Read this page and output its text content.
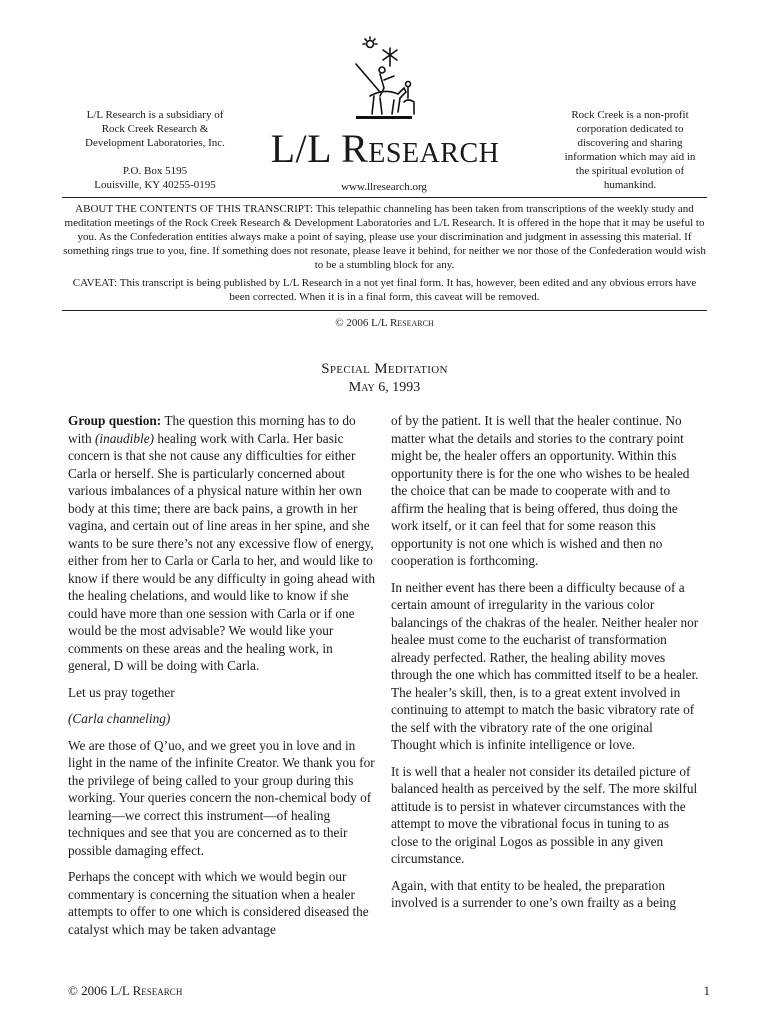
L/L Research is a subsidiary of

Rock Creek Research &

Development Laboratories, Inc.

P.O. Box 5195

Louisville, KY 40255-0195

L/L Research
www.llresearch.org
Rock Creek is a non-profit
corporation dedicated to
discovering and sharing
information which may aid in
the spiritual evolution of
humankind.

ABOUT THE CONTENTS OF THIS TRANSCRIPT: This telepathic channeling has been taken from transcriptions of the weekly study and meditation meetings of the Rock Creek Research & Development Laboratories and L/L Research. It is offered in the hope that it may be useful to you. As the Confederation entities always make a point of saying, please use your discrimination and judgment in assessing this material. If something rings true to you, fine. If something does not resonate, please leave it behind, for neither we nor those of the Confederation would wish to be a stumbling block for any.

CAVEAT: This transcript is being published by L/L Research in a not yet final form. It has, however, been edited and any obvious errors have been corrected. When it is in a final form, this caveat will be removed.

© 2006 L/L Research
Special Meditation
May 6, 1993

Group question: The question this morning has to do with (inaudible) healing work with Carla. Her basic concern is that she not cause any difficulties for either Carla or herself. She is particularly concerned about various imbalances of a physical nature within her own body at this time; there are back pains, a growth in her vagina, and certain out of line areas in her spine, and she wants to be sure there’s not any excessive flow of energy, either from her to Carla or Carla to her, and would like to know if there would be any difficulty in going ahead with the healing chelations, and would like to know if she could have more than one session with Carla or if one would be the most advisable? We would like your comments on these areas and the healing work, in general, D will be doing with Carla.

Let us pray together

(Carla channeling)

We are those of Q’uo, and we greet you in love and in light in the name of the infinite Creator. We thank you for the privilege of being called to your group during this working. Your queries concern the non-chemical body of learning—we correct this instrument—of healing techniques and see that you are concerned as to their possible damaging effect.

Perhaps the concept with which we would begin our commentary is concerning the situation when a healer attempts to offer to one which is considered diseased the catalyst which may be taken advantage

of by the patient. It is well that the healer continue. No matter what the details and stories to the contrary point might be, the healer offers an opportunity. Within this opportunity there is for the one who wishes to be healed the choice that can be made to cooperate with and to affirm the healing that is being offered, thus doing the work itself, or it can feel that for some reason this opportunity is not one which is wished and then no cooperation is forthcoming.

In neither event has there been a difficulty because of a certain amount of irregularity in the various color balancings of the chakras of the healer. Neither healer nor healee must come to the eucharist of transformation already perfected. Rather, the healing ability moves through the one which has committed itself to be a healer. The healer’s skill, then, is to a great extent involved in continuing to attempt to match the basic vibratory rate of the self with the vibratory rate of the one original Thought which is infinite intelligence or love.

It is well that a healer not consider its detailed picture of balanced health as perceived by the self. The more skilful attitude is to persist in whatever circumstances with the attempt to move the vibrational focus in tuning to as close to the original Logos as possible in any given circumstance.

Again, with that entity to be healed, the preparation involved is a surrender to one’s own frailty as a being

© 2006 L/L Research	1
